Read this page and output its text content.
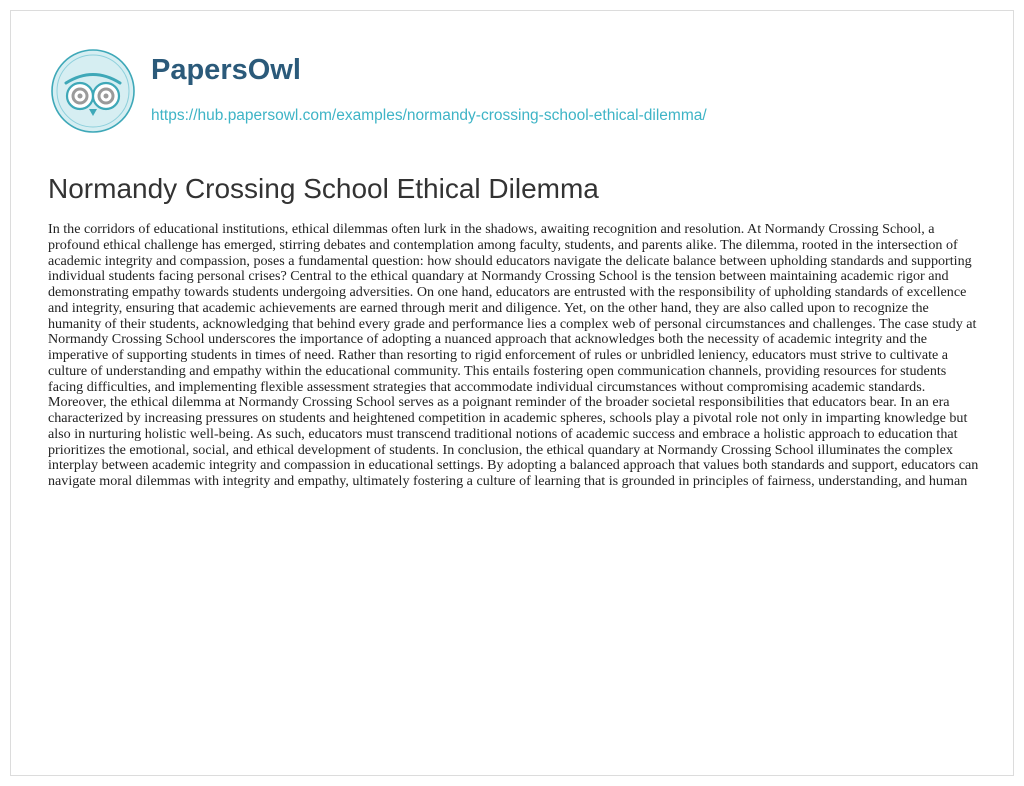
PapersOwl
https://hub.papersowl.com/examples/normandy-crossing-school-ethical-dilemma/
Normandy Crossing School Ethical Dilemma

In the corridors of educational institutions, ethical dilemmas often lurk in the shadows, awaiting recognition and resolution. At Normandy Crossing School, a profound ethical challenge has emerged, stirring debates and contemplation among faculty, students, and parents alike. The dilemma, rooted in the intersection of academic integrity and compassion, poses a fundamental question: how should educators navigate the delicate balance between upholding standards and supporting individual students facing personal crises? Central to the ethical quandary at Normandy Crossing School is the tension between maintaining academic rigor and demonstrating empathy towards students undergoing adversities. On one hand, educators are entrusted with the responsibility of upholding standards of excellence and integrity, ensuring that academic achievements are earned through merit and diligence. Yet, on the other hand, they are also called upon to recognize the humanity of their students, acknowledging that behind every grade and performance lies a complex web of personal circumstances and challenges. The case study at Normandy Crossing School underscores the importance of adopting a nuanced approach that acknowledges both the necessity of academic integrity and the imperative of supporting students in times of need. Rather than resorting to rigid enforcement of rules or unbridled leniency, educators must strive to cultivate a culture of understanding and empathy within the educational community. This entails fostering open communication channels, providing resources for students facing difficulties, and implementing flexible assessment strategies that accommodate individual circumstances without compromising academic standards. Moreover, the ethical dilemma at Normandy Crossing School serves as a poignant reminder of the broader societal responsibilities that educators bear. In an era characterized by increasing pressures on students and heightened competition in academic spheres, schools play a pivotal role not only in imparting knowledge but also in nurturing holistic well-being. As such, educators must transcend traditional notions of academic success and embrace a holistic approach to education that prioritizes the emotional, social, and ethical development of students. In conclusion, the ethical quandary at Normandy Crossing School illuminates the complex interplay between academic integrity and compassion in educational settings. By adopting a balanced approach that values both standards and support, educators can navigate moral dilemmas with integrity and empathy, ultimately fostering a culture of learning that is grounded in principles of fairness, understanding, and human
